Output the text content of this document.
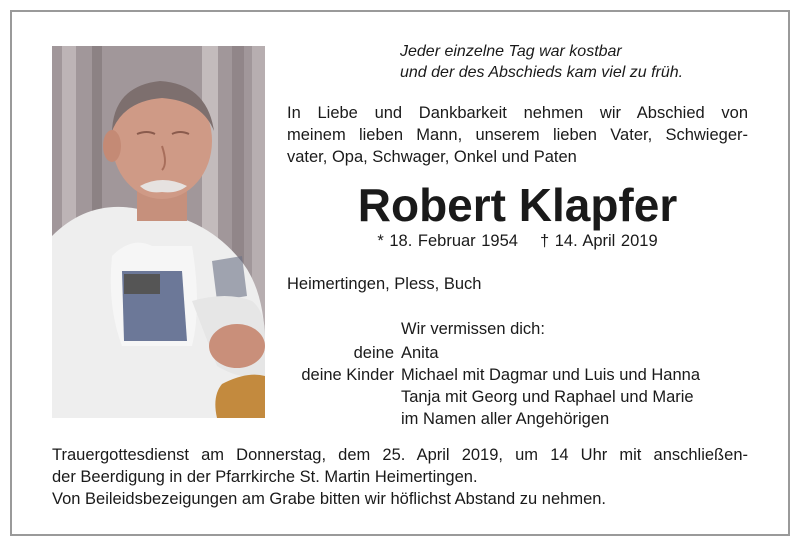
Jeder einzelne Tag war kostbar
und der des Abschieds kam viel zu früh.
In Liebe und Dankbarkeit nehmen wir Abschied von
meinem lieben Mann, unserem lieben Vater, Schwieger-
vater, Opa, Schwager, Onkel und Paten
Robert Klapfer
* 18. Februar 1954 † 14. April 2019
Heimertingen, Pless, Buch
Wir vermissen dich:
deine Anita
deine Kinder Michael mit Dagmar und Luis und Hanna
Tanja mit Georg und Raphael und Marie
im Namen aller Angehörigen
Trauergottesdienst am Donnerstag, dem 25. April 2019, um 14 Uhr mit anschließen-
der Beerdigung in der Pfarrkirche St. Martin Heimertingen.
Von Beileidsbezeigungen am Grabe bitten wir höflichst Abstand zu nehmen.
